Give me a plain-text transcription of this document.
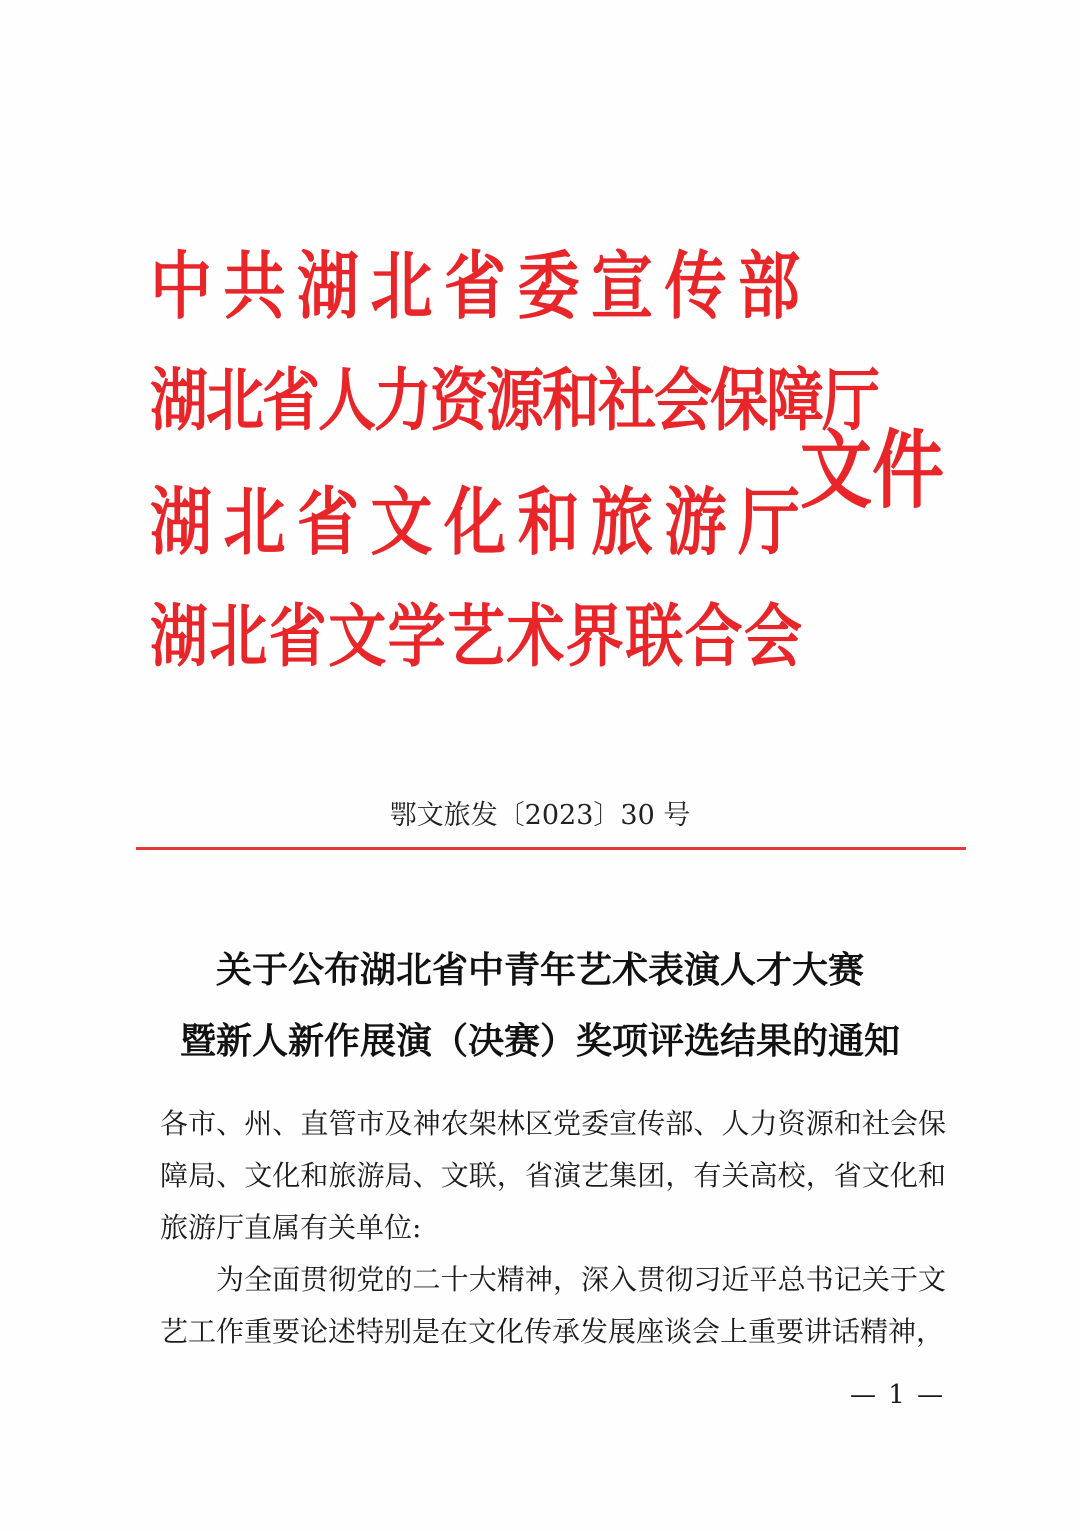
中共湖北省委宣传部
湖北省人力资源和社会保障厅
湖北省文化和旅游厅
湖北省文学艺术界联合会
文件
鄂文旅发〔2023〕30 号
关于公布湖北省中青年艺术表演人才大赛
暨新人新作展演（决赛）奖项评选结果的通知

各市、州、直管市及神农架林区党委宣传部、人力资源和社会保障局、文化和旅游局、文联，省演艺集团，有关高校，省文化和旅游厅直属有关单位:

为全面贯彻党的二十大精神，深入贯彻习近平总书记关于文艺工作重要论述特别是在文化传承发展座谈会上重要讲话精神，

— 1 —
